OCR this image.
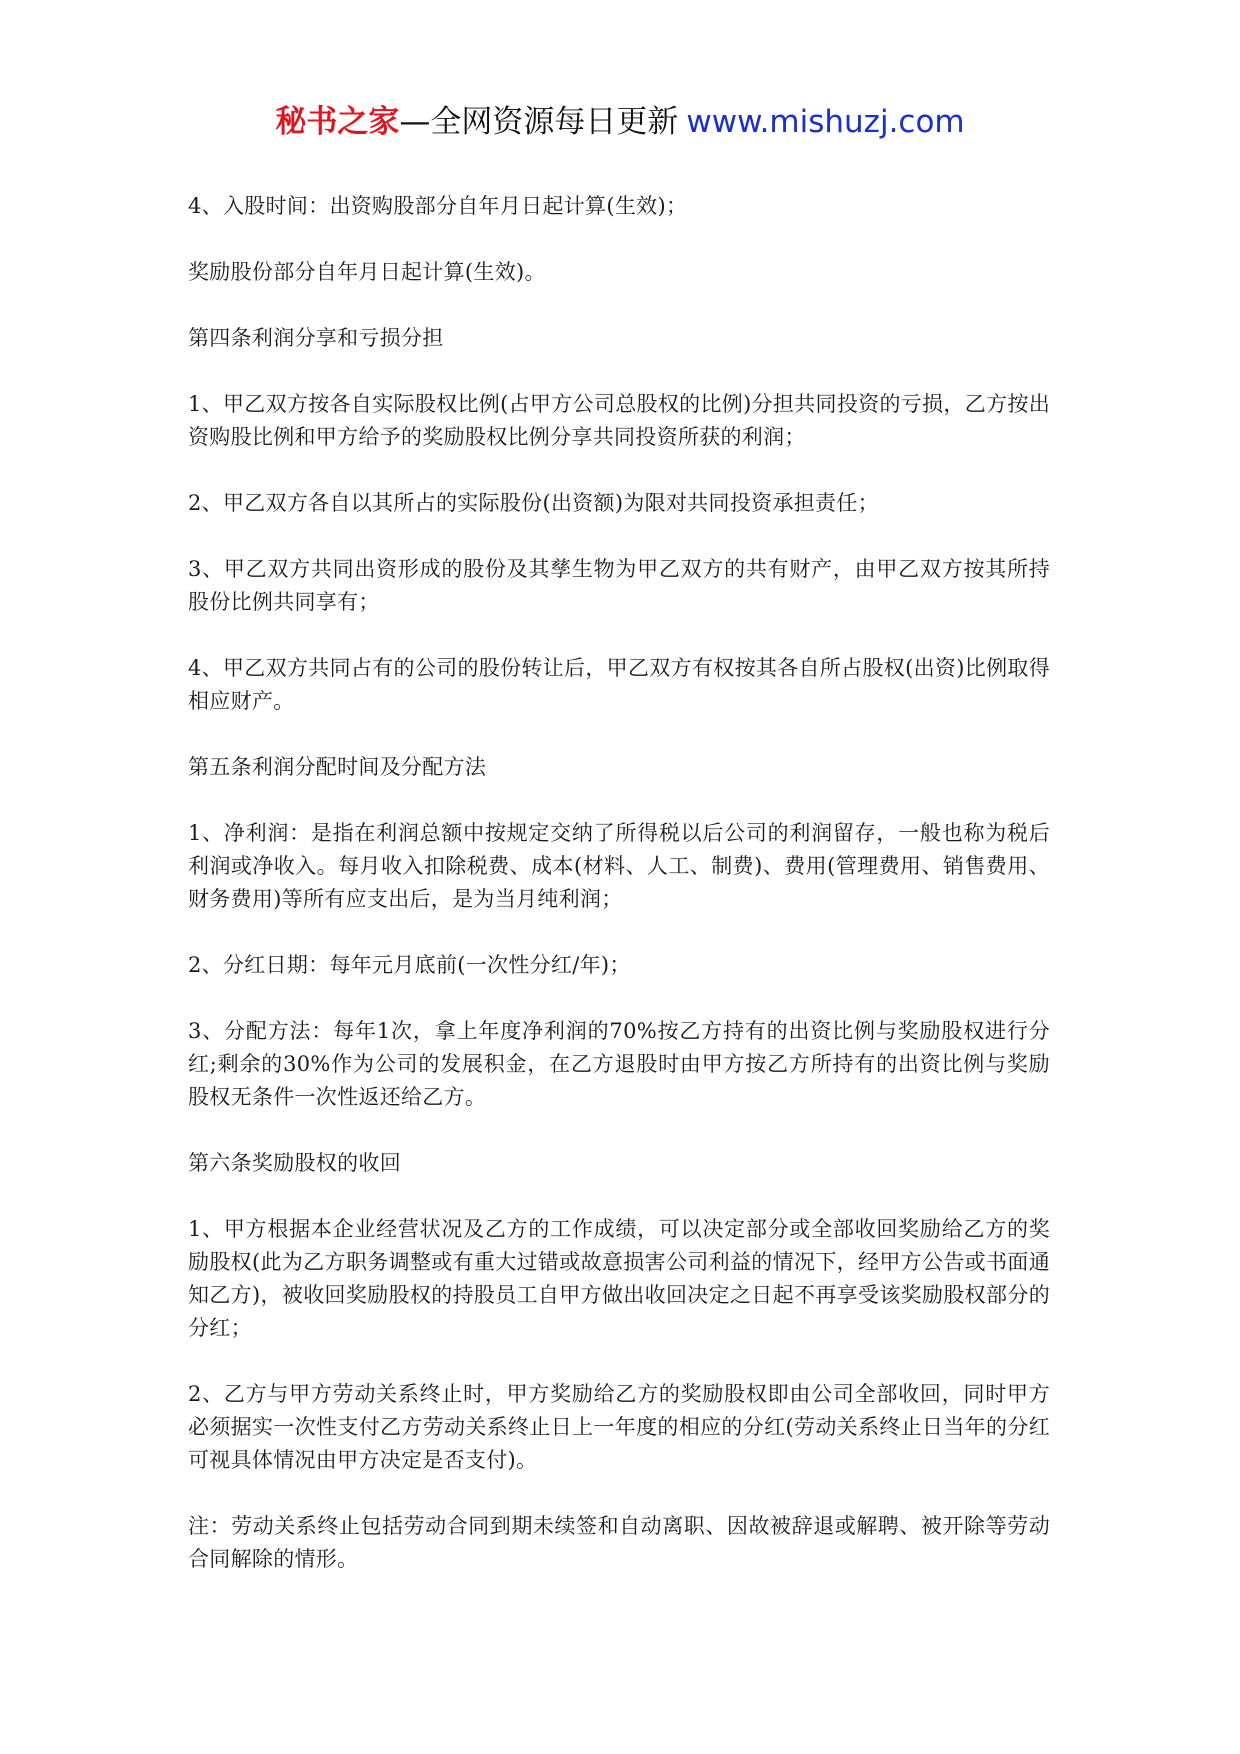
秘书之家—全网资源每日更新 www.mishuzj.com

4、入股时间：出资购股部分自年月日起计算(生效)；

奖励股份部分自年月日起计算(生效)。

第四条利润分享和亏损分担

1、甲乙双方按各自实际股权比例(占甲方公司总股权的比例)分担共同投资的亏损，乙方按出资购股比例和甲方给予的奖励股权比例分享共同投资所获的利润；

2、甲乙双方各自以其所占的实际股份(出资额)为限对共同投资承担责任；

3、甲乙双方共同出资形成的股份及其孳生物为甲乙双方的共有财产，由甲乙双方按其所持股份比例共同享有；

4、甲乙双方共同占有的公司的股份转让后，甲乙双方有权按其各自所占股权(出资)比例取得相应财产。

第五条利润分配时间及分配方法

1、净利润：是指在利润总额中按规定交纳了所得税以后公司的利润留存，一般也称为税后利润或净收入。每月收入扣除税费、成本(材料、人工、制费)、费用(管理费用、销售费用、财务费用)等所有应支出后，是为当月纯利润；

2、分红日期：每年元月底前(一次性分红/年)；

3、分配方法：每年1次，拿上年度净利润的70%按乙方持有的出资比例与奖励股权进行分红;剩余的30%作为公司的发展积金，在乙方退股时由甲方按乙方所持有的出资比例与奖励股权无条件一次性返还给乙方。

第六条奖励股权的收回

1、甲方根据本企业经营状况及乙方的工作成绩，可以决定部分或全部收回奖励给乙方的奖励股权(此为乙方职务调整或有重大过错或故意损害公司利益的情况下，经甲方公告或书面通知乙方)，被收回奖励股权的持股员工自甲方做出收回决定之日起不再享受该奖励股权部分的分红；

2、乙方与甲方劳动关系终止时，甲方奖励给乙方的奖励股权即由公司全部收回，同时甲方必须据实一次性支付乙方劳动关系终止日上一年度的相应的分红(劳动关系终止日当年的分红可视具体情况由甲方决定是否支付)。

注：劳动关系终止包括劳动合同到期未续签和自动离职、因故被辞退或解聘、被开除等劳动合同解除的情形。
